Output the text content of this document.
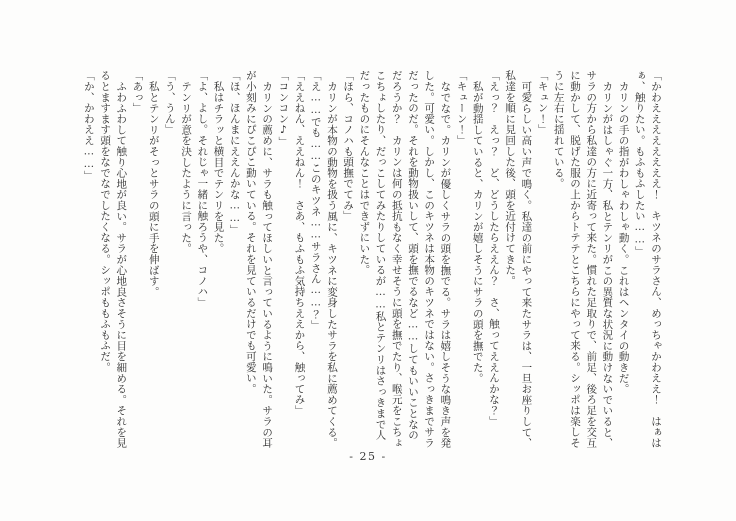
「かわええええええええ！　キツネのサラさん、めっちゃかわええ！　はぁはぁ、触りたい。もふもふしたい……」

カリンの手の指がわしゃわしゃ動く。これはヘンタイの動きだ。

カリンがはしゃぐ一方、私とテンリがこの異質な状況に動けないでいると、サラの方から私達の方に近寄って来た。慣れた足取りで、前足、後ろ足を交互に動かして、脱げた服の上からトテテとこちらにやって来る。シッポは楽しそうに左右に揺れている。

「キュン！」

可愛らしい高い声で鳴く。私達の前にやって来たサラは、一旦お座りして、私達を順に見回した後、頭を近付けてきた。

「えっ？　えっ？　ど、どうしたらええん？　さ、触ってええんかな？」

私が動揺していると、カリンが嬉しそうにサラの頭を撫でた。

「キューン！」

なでなで。カリンが優しくサラの頭を撫でる。サラは嬉しそうな鳴き声を発した。可愛い。しかし、このキツネは本物のキツネではない。さっきまでサラだったのだ。それを動物扱いして、頭を撫でるなど……してもいいことなのだろうか？　カリンは何の抵抗もなく幸せそうに頭を撫でたり、喉元をこちょこちょしたり、だっこしてみたりしているが……私とテンリはさっきまで人だったものにそんなことはできずにいた。

「ほら、コノハも頭撫でてみ」

カリンが本物の動物を扱う風に、キツネに変身したサラを私に薦めてくる。

「え……でも……このキツネ……サラさん……？」

「ええねん、ええねん！　さあ、もふもふ気持ちええから、触ってみ」

「コンコン♪」

カリンの薦めに、サラも触ってほしいと言っているように鳴いた。サラの耳が小刻みにぴこぴこ動いている。それを見ているだけでも可愛い。

「ほ、ほんまにええんかな……」

私はチラッと横目でテンリを見た。

「よ、よし。それじゃ一緒に触ろうや、コノハ」

テンリが意を決したように言った。

「う、うん」

私とテンリがそっとサラの頭に手を伸ばす。

「あっ」

ふわふわして触り心地が良い。サラが心地良さそうに目を細める。それを見るとますます頭をなでなでしたくなる。シッポももふもふだ。

「か、かわええ……」

- 25 -
